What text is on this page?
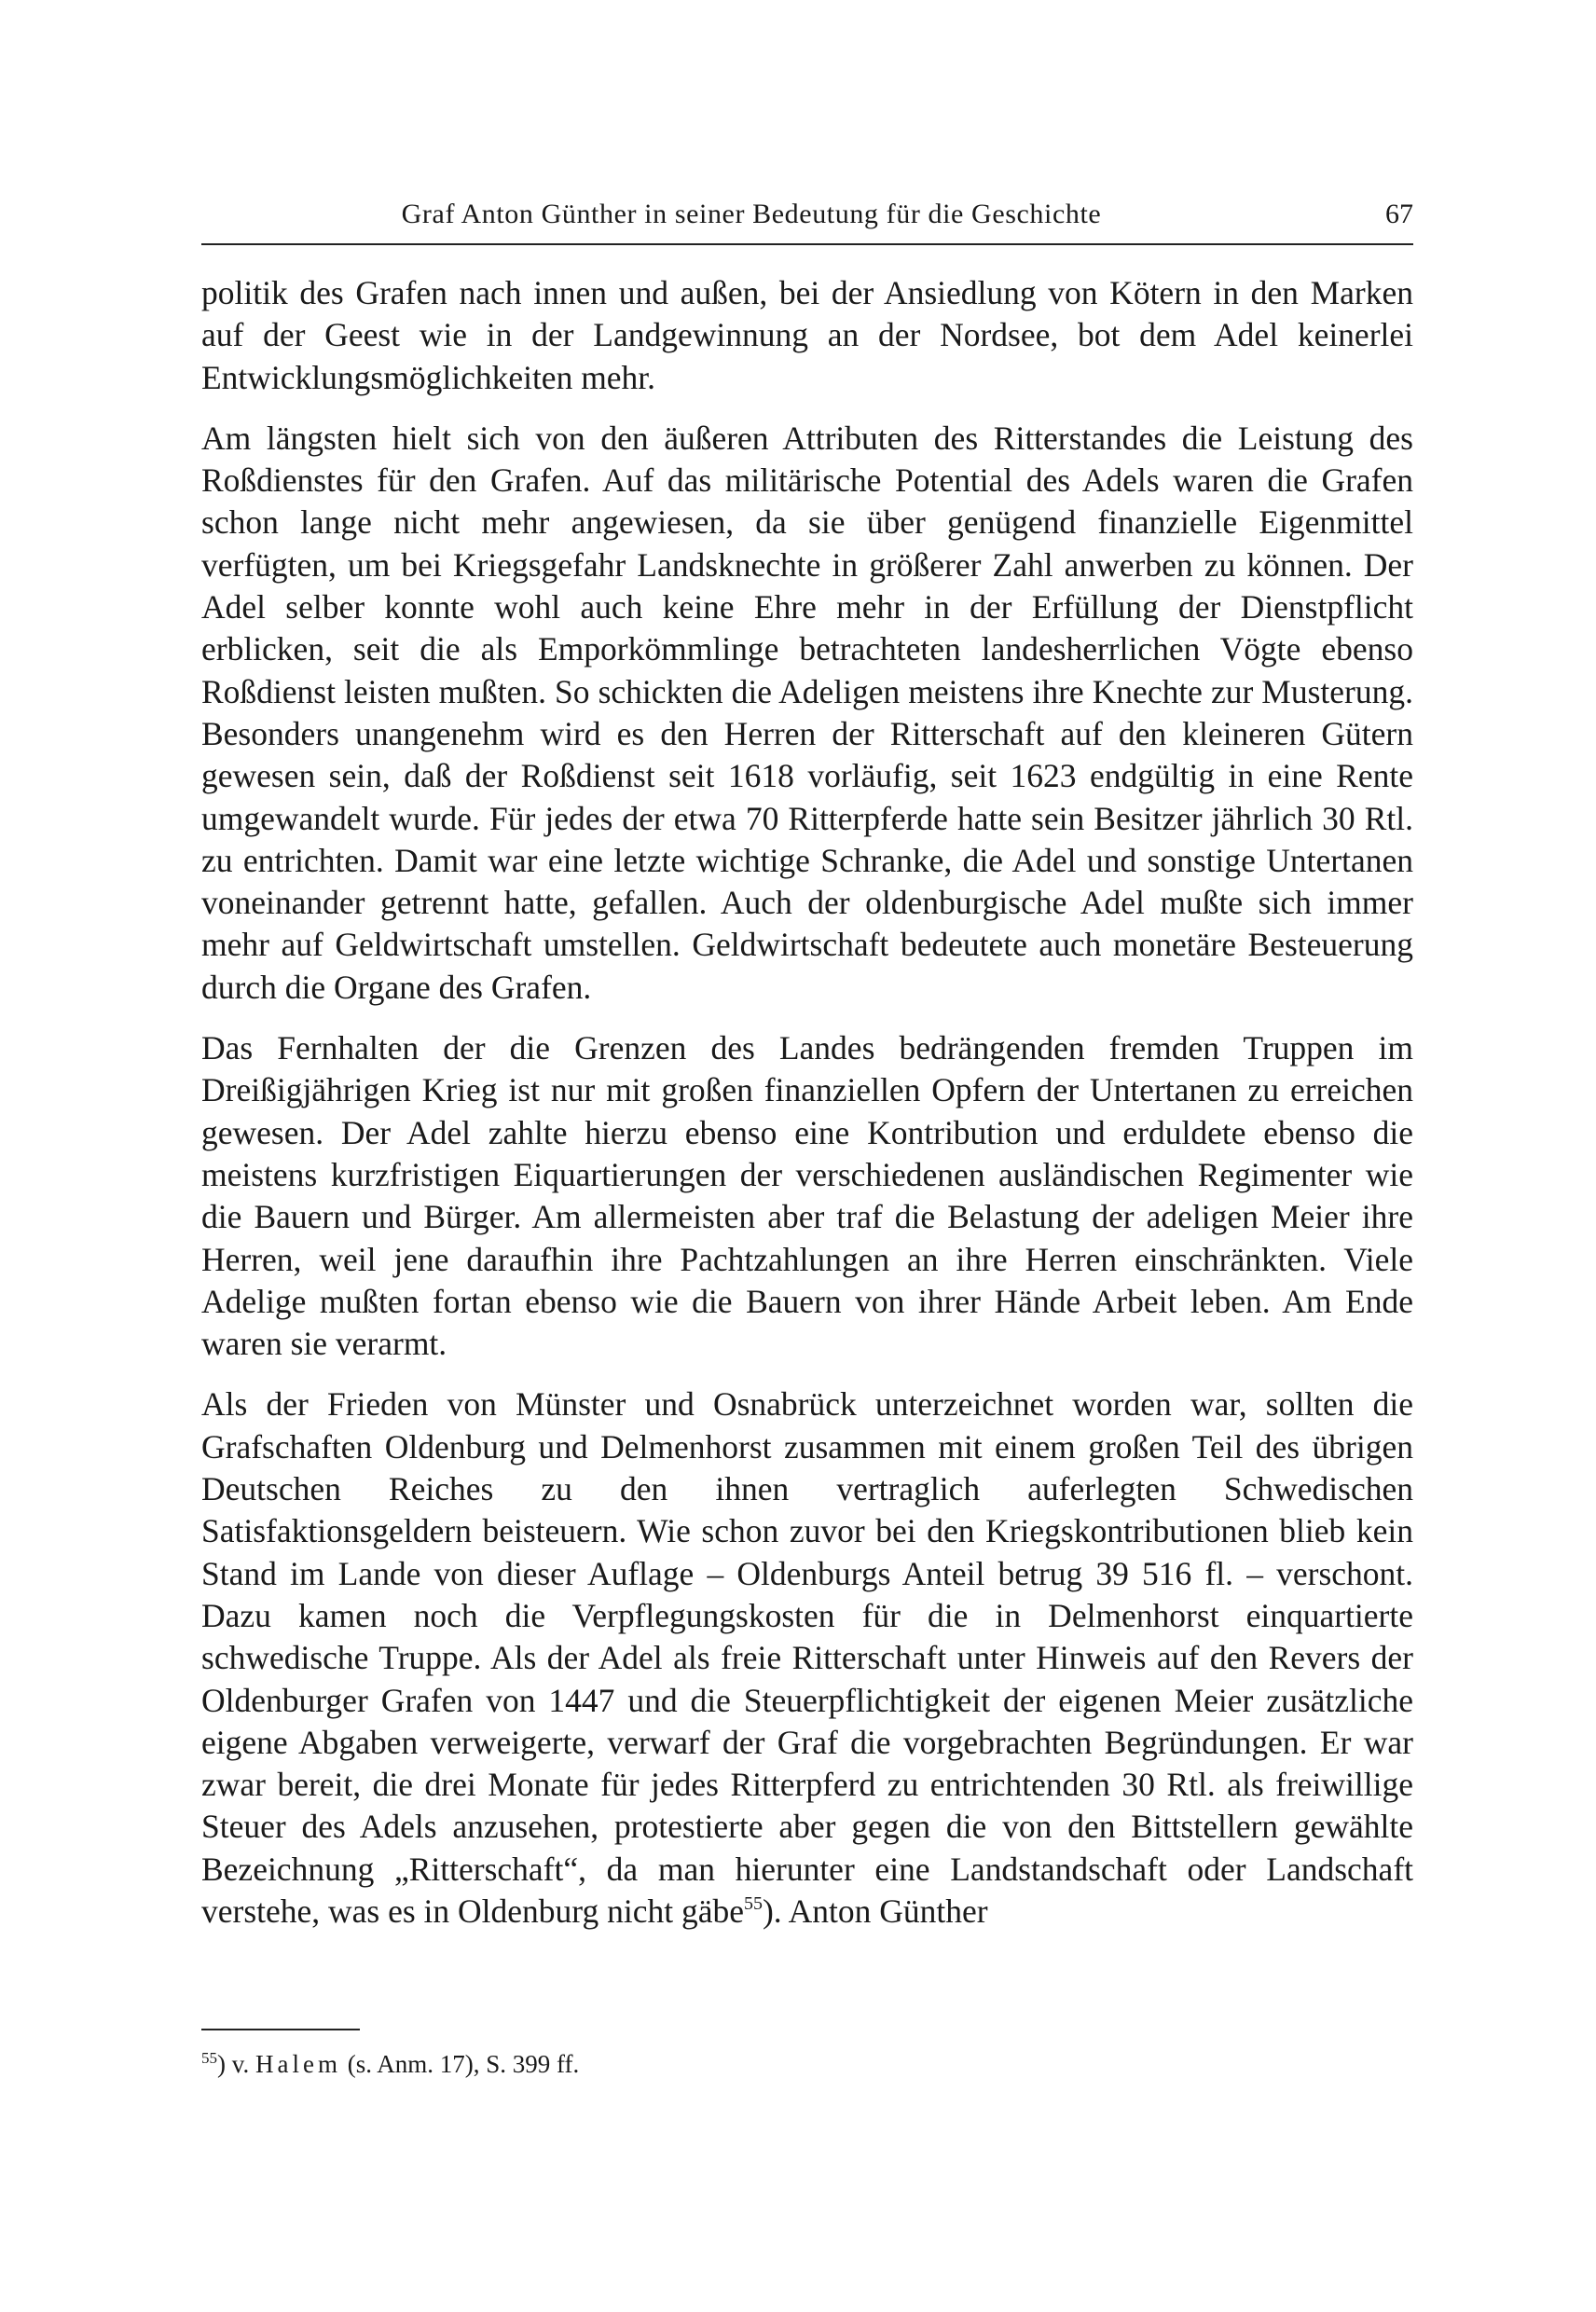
Graf Anton Günther in seiner Bedeutung für die Geschichte	67

politik des Grafen nach innen und außen, bei der Ansiedlung von Kötern in den Marken auf der Geest wie in der Landgewinnung an der Nordsee, bot dem Adel keinerlei Entwicklungsmöglichkeiten mehr.

Am längsten hielt sich von den äußeren Attributen des Ritterstandes die Leistung des Roßdienstes für den Grafen. Auf das militärische Potential des Adels waren die Grafen schon lange nicht mehr angewiesen, da sie über genügend finanzielle Eigenmittel verfügten, um bei Kriegsgefahr Landsknechte in größerer Zahl anwerben zu können. Der Adel selber konnte wohl auch keine Ehre mehr in der Erfüllung der Dienstpflicht erblicken, seit die als Emporkömmlinge betrachteten landesherrlichen Vögte ebenso Roßdienst leisten mußten. So schickten die Adeligen meistens ihre Knechte zur Musterung. Besonders unangenehm wird es den Herren der Ritterschaft auf den kleineren Gütern gewesen sein, daß der Roßdienst seit 1618 vorläufig, seit 1623 endgültig in eine Rente umgewandelt wurde. Für jedes der etwa 70 Ritterpferde hatte sein Besitzer jährlich 30 Rtl. zu entrichten. Damit war eine letzte wichtige Schranke, die Adel und sonstige Untertanen voneinander getrennt hatte, gefallen. Auch der oldenburgische Adel mußte sich immer mehr auf Geldwirtschaft umstellen. Geldwirtschaft bedeutete auch monetäre Besteuerung durch die Organe des Grafen.

Das Fernhalten der die Grenzen des Landes bedrängenden fremden Truppen im Dreißigjährigen Krieg ist nur mit großen finanziellen Opfern der Untertanen zu erreichen gewesen. Der Adel zahlte hierzu ebenso eine Kontribution und erduldete ebenso die meistens kurzfristigen Eiquartierungen der verschiedenen ausländischen Regimenter wie die Bauern und Bürger. Am allermeisten aber traf die Belastung der adeligen Meier ihre Herren, weil jene daraufhin ihre Pachtzahlungen an ihre Herren einschränkten. Viele Adelige mußten fortan ebenso wie die Bauern von ihrer Hände Arbeit leben. Am Ende waren sie verarmt.

Als der Frieden von Münster und Osnabrück unterzeichnet worden war, sollten die Grafschaften Oldenburg und Delmenhorst zusammen mit einem großen Teil des übrigen Deutschen Reiches zu den ihnen vertraglich auferlegten Schwedischen Satisfaktionsgeldern beisteuern. Wie schon zuvor bei den Kriegskontributionen blieb kein Stand im Lande von dieser Auflage – Oldenburgs Anteil betrug 39 516 fl. – verschont. Dazu kamen noch die Verpflegungskosten für die in Delmenhorst einquartierte schwedische Truppe. Als der Adel als freie Ritterschaft unter Hinweis auf den Revers der Oldenburger Grafen von 1447 und die Steuerpflichtigkeit der eigenen Meier zusätzliche eigene Abgaben verweigerte, verwarf der Graf die vorgebrachten Begründungen. Er war zwar bereit, die drei Monate für jedes Ritterpferd zu entrichtenden 30 Rtl. als freiwillige Steuer des Adels anzusehen, protestierte aber gegen die von den Bittstellern gewählte Bezeichnung „Ritterschaft“, da man hierunter eine Landstandschaft oder Landschaft verstehe, was es in Oldenburg nicht gäbe$^{55}$). Anton Günther

$^{55}$) v. Halem (s. Anm. 17), S. 399 ff.
